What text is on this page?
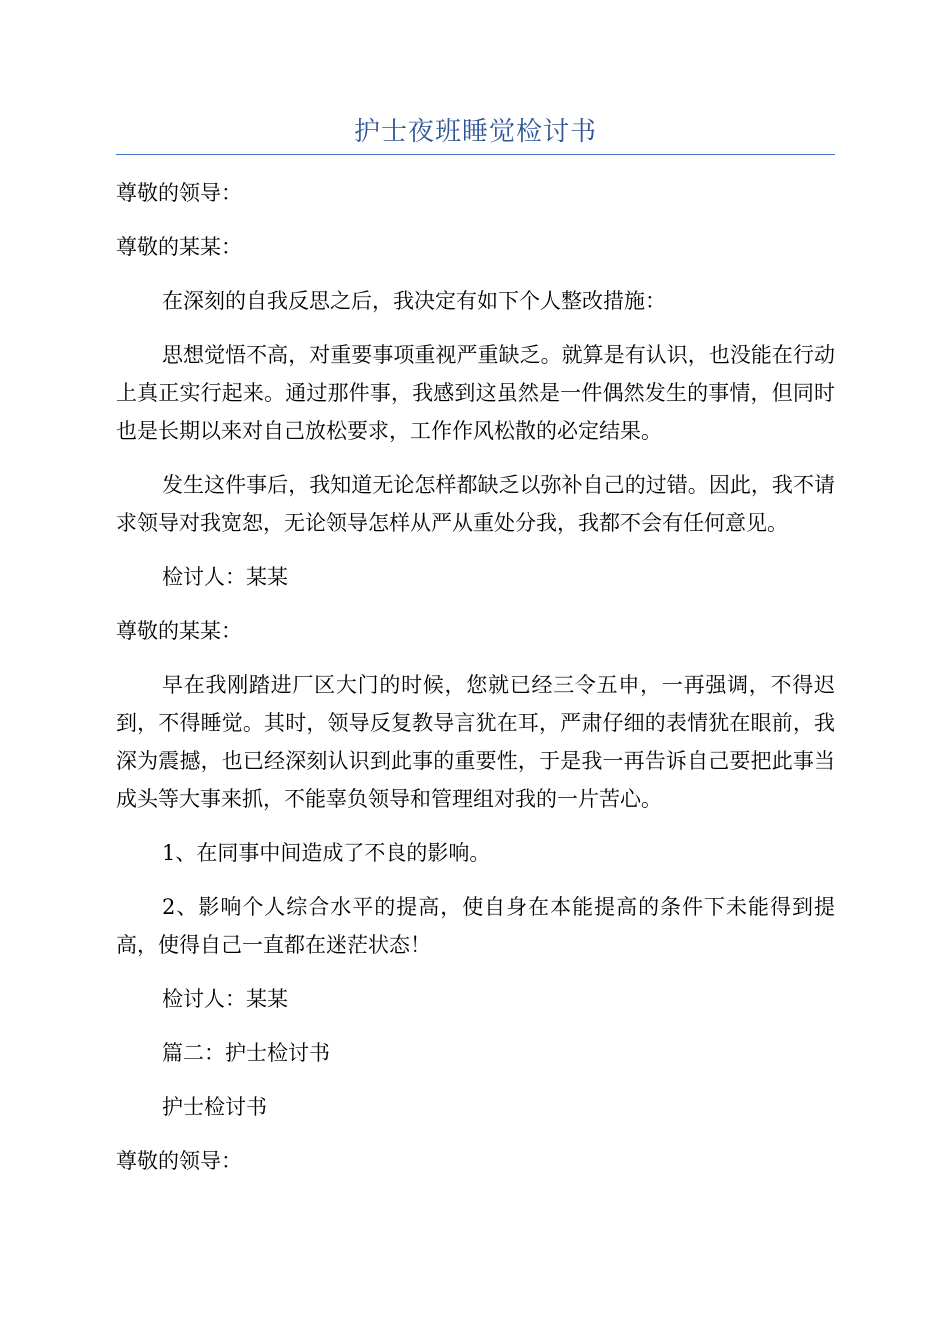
护士夜班睡觉检讨书

尊敬的领导：

尊敬的某某：

在深刻的自我反思之后，我决定有如下个人整改措施：

思想觉悟不高，对重要事项重视严重缺乏。就算是有认识，也没能在行动上真正实行起来。通过那件事，我感到这虽然是一件偶然发生的事情，但同时也是长期以来对自己放松要求，工作作风松散的必定结果。

发生这件事后，我知道无论怎样都缺乏以弥补自己的过错。因此，我不请求领导对我宽恕，无论领导怎样从严从重处分我，我都不会有任何意见。

检讨人：某某

尊敬的某某：

早在我刚踏进厂区大门的时候，您就已经三令五申，一再强调，不得迟到，不得睡觉。其时，领导反复教导言犹在耳，严肃仔细的表情犹在眼前，我深为震撼，也已经深刻认识到此事的重要性，于是我一再告诉自己要把此事当成头等大事来抓，不能辜负领导和管理组对我的一片苦心。

1、在同事中间造成了不良的影响。

2、影响个人综合水平的提高，使自身在本能提高的条件下未能得到提高，使得自己一直都在迷茫状态！

检讨人：某某

篇二：护士检讨书

护士检讨书

尊敬的领导：
